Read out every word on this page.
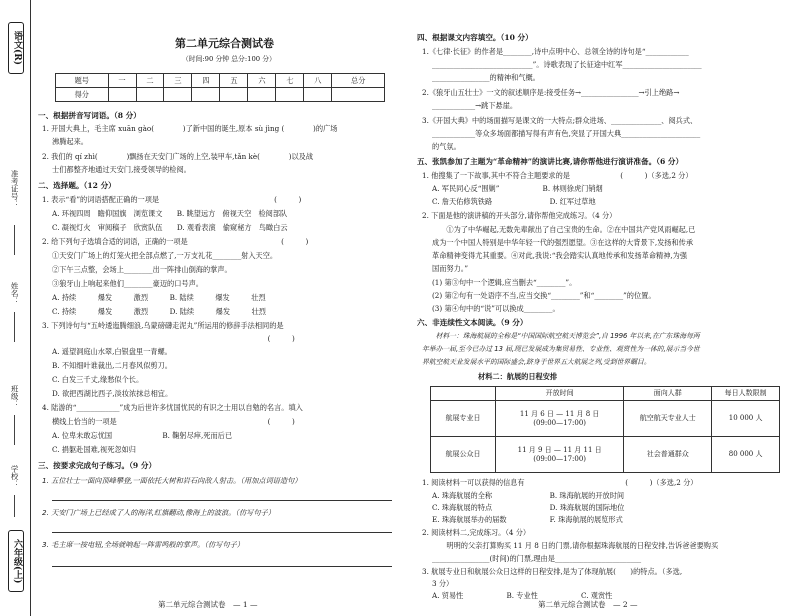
语文(R)
准考证号：
姓名：
班级：
学校：
六年级(上)
第二单元综合测试卷
（时间:90 分钟 总分:100 分）
题号	一	二	三	四	五	六	七	八	总分
得分									
一、根据拼音写词语。（8 分）
1. 开国大典上，毛主席 xuān gào(　　　　)了新中国的诞生,原本 sù jìng (　　　　)的广场
沸腾起来。
2. 我们的 qí zhì(　　　　)飘扬在天安门广场的上空,装甲车,tǎn kè(　　　　)以及战
士们都整齐地通过天安门,接受领导的检阅。
二、选择题。（12 分）
1. 表示“看”的词语搭配正确的一项是　　　　　　　　　　　　　　　　(　　　)
A. 环视四周　瞻仰国旗　浏览课文　　B. 眺望远方　俯视天空　检阅部队
C. 凝视灯火　审阅稿子　欣赏队伍　　D. 观看表演　偷窥秘方　鸟瞰白云
2. 给下列句子选填合适的词语，正确的一项是　　　　　　　　　　　　　(　　　)
①天安门广场上的灯笼火把全部点燃了,一万支礼花________射入天空。
②下午三点整，会场上________出一阵排山倒海的掌声。
③狼牙山上响起来他们________豪迈的口号声。
A. 持续　　　爆发　　　激烈　　　B. 陆续　　　爆发　　　壮烈
C. 持续　　　爆发　　　激烈　　　D. 陆续　　　爆发　　　壮烈
3. 下列诗句与“五岭逶迤腾细浪,乌蒙磅礴走泥丸”所运用的修辞手法相同的是
　　　　　　　　　　　　　　　　　　　　　　　　　　　　　　(　　　)
A. 遥望洞庭山水翠,白银盘里一青螺。
B. 不知细叶谁裁出,二月春风似剪刀。
C. 白发三千丈,缘愁似个长。
D. 欲把西湖比西子,淡妆浓抹总相宜。
4. 陆游的“____________”成为后世许多忧国忧民的有识之士用以自勉的名言。填入
横线上恰当的一项是　　　　　　　　　　　　　　　　　　　　　(　　　)
A. 位卑未敢忘忧国　　　　　　　B. 鞠躬尽瘁,死而后已
C. 捐躯赴国难,视死忽如归
三、按要求完成句子练习。（9 分）
1. 五位壮士一面向顶峰攀登,一面依托大树和岩石向敌人射击。（用加点词语造句）
2. 天安门广场上已经成了人的海洋,红旗翻动,像海上的波浪。（仿写句子）
3. 毛主席一按电钮,全场就响起一阵雷鸣般的掌声。（仿写句子）
第二单元综合测试卷　— 1 —
四、根据课文内容填空。（10 分）
1.《七律·长征》的作者是________,诗中点明中心、总领全诗的诗句是“____________
____________________________”。诗歌表现了长征途中红军______________________
________________的精神和气概。
2.《狼牙山五壮士》一文的叙述顺序是:接受任务→________________→引上绝路→
____________→跳下悬崖。
3.《开国大典》中的场面描写是课文的一大特点;群众进场、______________、阅兵式、
____________等众多场面都描写得有声有色,突显了开国大典______________________
的气氛。
五、张凯参加了主题为“革命精神”的演讲比赛,请你帮他进行演讲准备。（6 分）
1. 他搜集了一下故事,其中不符合主题要求的是　　　　　　　(　　　)（多选,2 分）
A. 军民同心反“围剿”　　　　　　B. 林则徐虎门销烟
C. 詹天佑修筑铁路　　　　　　　　D. 红军过草地
2. 下面是他的演讲稿的开头部分,请你帮他完成练习。（4 分）
　　①为了中华崛起,无数先辈献出了自己宝贵的生命。②在中国共产党风雨崛起,已
成为一个中国人特别是中华年轻一代的强烈愿望。③在这样的大背景下,发扬和传承
革命精神变得尤其重要。④对此,我说:“我会踏实认真地传承和发扬革命精神,为强
国而努力。”
(1) 第③句中一个逻辑,应当删去“________”。
(2) 第②句有一处语序不当,应当交换“________”和“________”的位置。
(3) 第④句中的“说”可以换成________。
六、非连续性文本阅读。（9 分）
　　材料一：珠海航展的全称是“中国国际航空航天博览会”,自 1996 年以来,在广东珠海每两
年举办一届,至今已办过 13 届,现已发展成为集贸易性、专业性、观赏性为一体的,展示当今世
界航空航天业发展水平的国际盛会,跻身于世界五大航展之列,受到世界瞩目。
材料二：航展的日程安排
	开放时间	面向人群	每日人数限制
航展专业日	11 月 6 日 — 11 月 8 日
(09:00—17:00)	航空航天专业人士	10 000 人
航展公众日	11 月 9 日 — 11 月 11 日
(09:00—17:00)	社会普通群众	80 000 人
1. 阅读材料一可以获得的信息有　　　　　　　　　　　　　　(　　　)（多选,2 分）
A. 珠海航展的全称　　　　　　　　B. 珠海航展的开放时间
C. 珠海航展的特点　　　　　　　　D. 珠海航展的国际地位
E. 珠海航展举办的届数　　　　　　F. 珠海航展的展览形式
2. 阅读材料二,完成练习。（4 分）
　　明明的父亲打算购买 11 月 8 日的门票,请你根据珠海航展的日程安排,告诉爸爸要购买
________________(时间)的门票,理由是________________________
3. 航展专业日和航展公众日这样的日程安排,是为了体现航展(　　)的特点。（多选,
3 分）
A. 贸易性　　　　　　B. 专业性　　　　　　C. 观赏性
第二单元综合测试卷　— 2 —
